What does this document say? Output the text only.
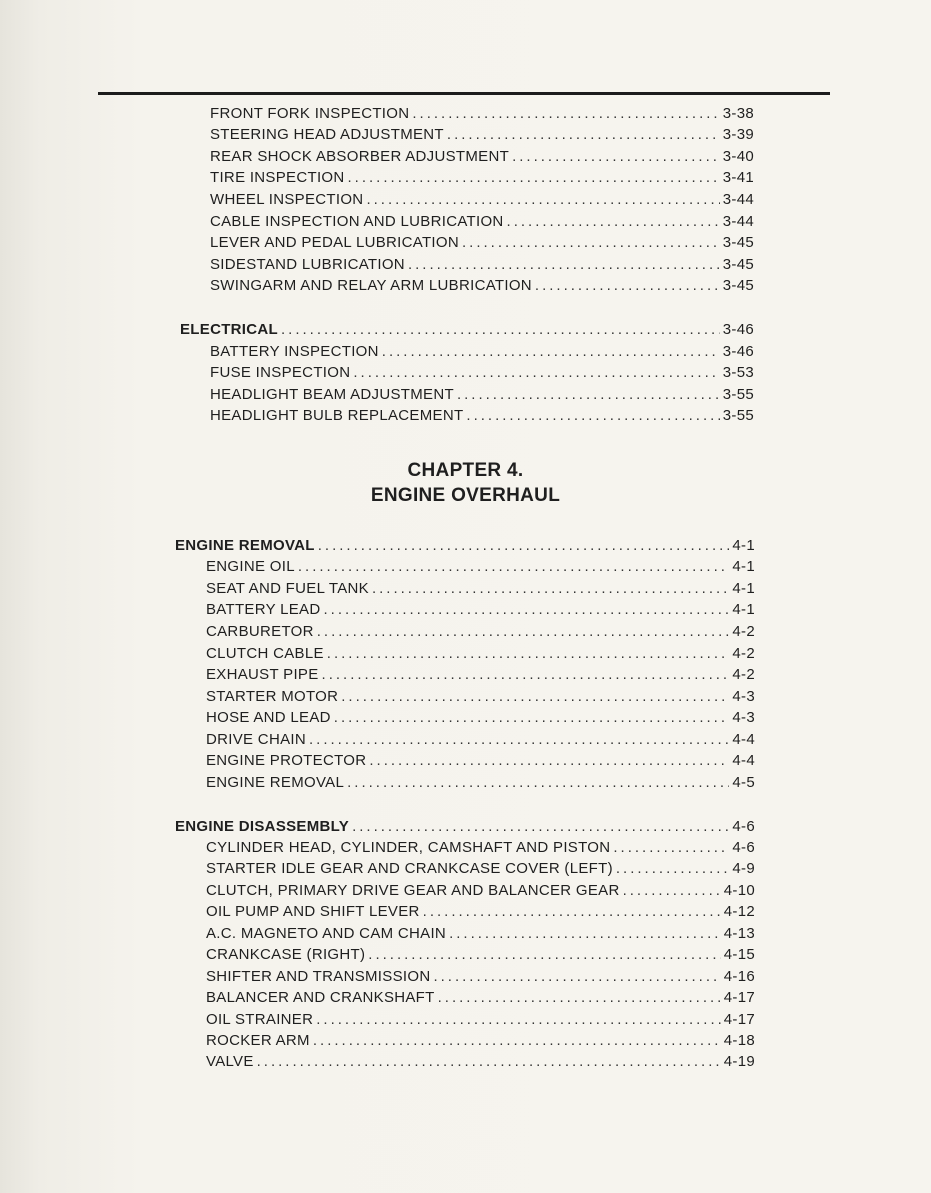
FRONT FORK INSPECTION .....	3-38
STEERING HEAD ADJUSTMENT .....	3-39
REAR SHOCK ABSORBER ADJUSTMENT .....	3-40
TIRE INSPECTION .....	3-41
WHEEL INSPECTION .....	3-44
CABLE INSPECTION AND LUBRICATION .....	3-44
LEVER AND PEDAL LUBRICATION .....	3-45
SIDESTAND LUBRICATION .....	3-45
SWINGARM AND RELAY ARM LUBRICATION .....	3-45
ELECTRICAL .....	3-46
BATTERY INSPECTION .....	3-46
FUSE INSPECTION .....	3-53
HEADLIGHT BEAM ADJUSTMENT .....	3-55
HEADLIGHT BULB REPLACEMENT .....	3-55
CHAPTER 4.
ENGINE OVERHAUL
ENGINE REMOVAL .....	4-1
ENGINE OIL .....	4-1
SEAT AND FUEL TANK .....	4-1
BATTERY LEAD .....	4-1
CARBURETOR .....	4-2
CLUTCH CABLE .....	4-2
EXHAUST PIPE .....	4-2
STARTER MOTOR .....	4-3
HOSE AND LEAD .....	4-3
DRIVE CHAIN .....	4-4
ENGINE PROTECTOR .....	4-4
ENGINE REMOVAL .....	4-5
ENGINE DISASSEMBLY .....	4-6
CYLINDER HEAD, CYLINDER, CAMSHAFT AND PISTON .....	4-6
STARTER IDLE GEAR AND CRANKCASE COVER (LEFT) .....	4-9
CLUTCH, PRIMARY DRIVE GEAR AND BALANCER GEAR .....	4-10
OIL PUMP AND SHIFT LEVER .....	4-12
A.C. MAGNETO AND CAM CHAIN .....	4-13
CRANKCASE (RIGHT) .....	4-15
SHIFTER AND TRANSMISSION .....	4-16
BALANCER AND CRANKSHAFT .....	4-17
OIL STRAINER .....	4-17
ROCKER ARM .....	4-18
VALVE .....	4-19
